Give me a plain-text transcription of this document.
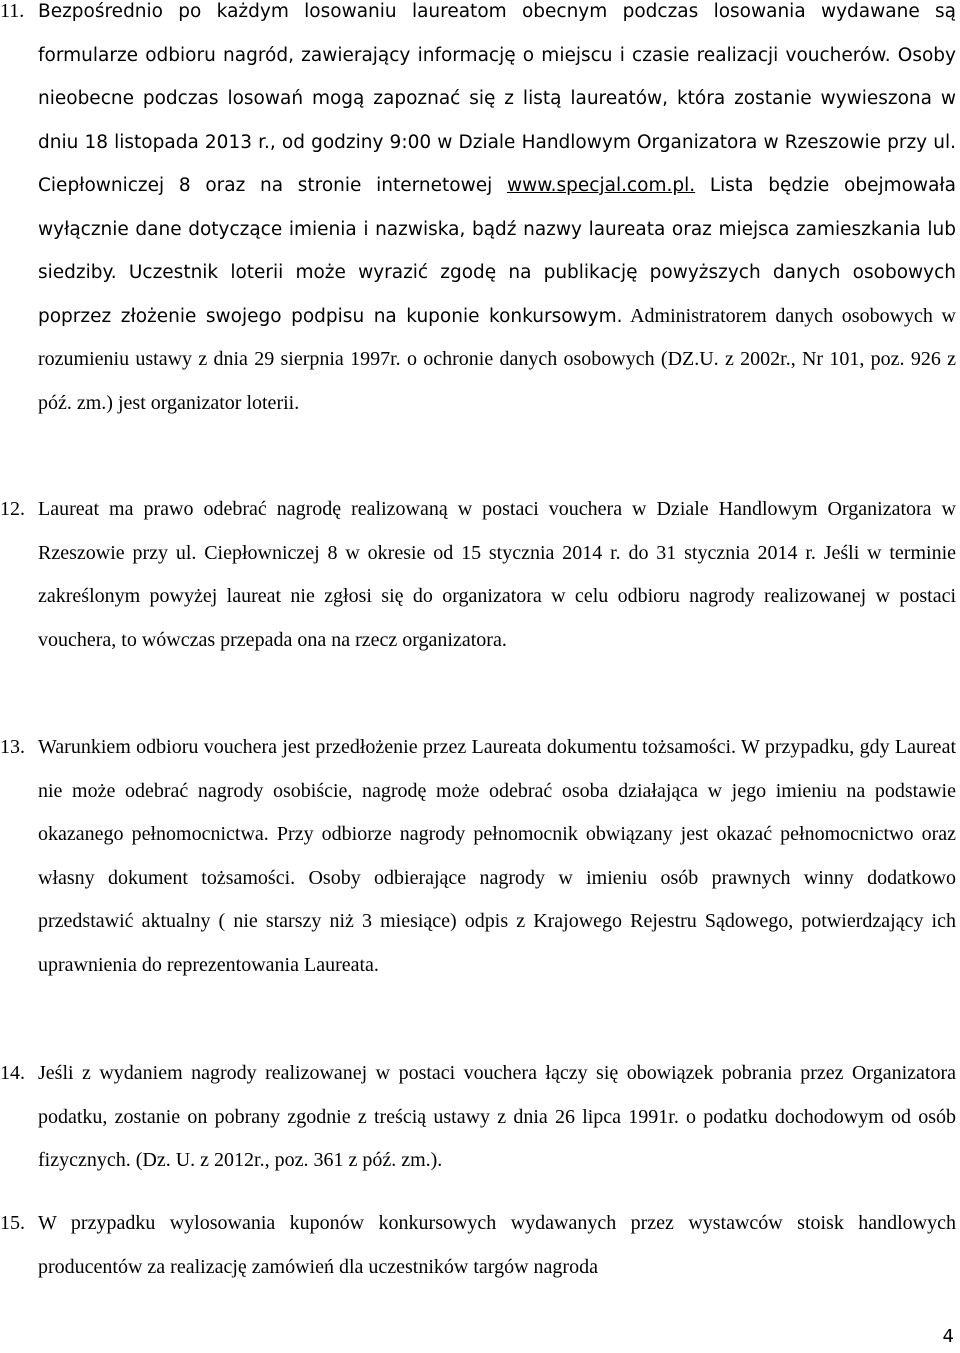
11. Bezpośrednio po każdym losowaniu laureatom obecnym podczas losowania wydawane są formularze odbioru nagród, zawierający informację o miejscu i czasie realizacji voucherów. Osoby nieobecne podczas losowań mogą zapoznać się z listą laureatów, która zostanie wywieszona w dniu 18 listopada 2013 r., od godziny 9:00 w Dziale Handlowym Organizatora w Rzeszowie przy ul. Ciepłowniczej 8 oraz na stronie internetowej www.specjal.com.pl. Lista będzie obejmowała wyłącznie dane dotyczące imienia i nazwiska, bądź nazwy laureata oraz miejsca zamieszkania lub siedziby. Uczestnik loterii może wyrazić zgodę na publikację powyższych danych osobowych poprzez złożenie swojego podpisu na kuponie konkursowym. Administratorem danych osobowych w rozumieniu ustawy z dnia 29 sierpnia 1997r. o ochronie danych osobowych (DZ.U. z 2002r., Nr 101, poz. 926 z póź. zm.) jest organizator loterii.
12. Laureat ma prawo odebrać nagrodę realizowaną w postaci vouchera w Dziale Handlowym Organizatora w Rzeszowie przy ul. Ciepłowniczej 8 w okresie od 15 stycznia 2014 r. do 31 stycznia 2014 r. Jeśli w terminie zakreślonym powyżej laureat nie zgłosi się do organizatora w celu odbioru nagrody realizowanej w postaci vouchera, to wówczas przepada ona na rzecz organizatora.
13. Warunkiem odbioru vouchera jest przedłożenie przez Laureata dokumentu tożsamości. W przypadku, gdy Laureat nie może odebrać nagrody osobiście, nagrodę może odebrać osoba działająca w jego imieniu na podstawie okazanego pełnomocnictwa. Przy odbiorze nagrody pełnomocnik obwiązany jest okazać pełnomocnictwo oraz własny dokument tożsamości. Osoby odbierające nagrody w imieniu osób prawnych winny dodatkowo przedstawić aktualny ( nie starszy niż 3 miesiące) odpis z Krajowego Rejestru Sądowego, potwierdzający ich uprawnienia do reprezentowania Laureata.
14. Jeśli z wydaniem nagrody realizowanej w postaci vouchera łączy się obowiązek pobrania przez Organizatora podatku, zostanie on pobrany zgodnie z treścią ustawy z dnia 26 lipca 1991r. o podatku dochodowym od osób fizycznych. (Dz. U. z 2012r., poz. 361 z póź. zm.).
15. W przypadku wylosowania kuponów konkursowych wydawanych przez wystawców stoisk handlowych producentów za realizację zamówień dla uczestników targów nagroda
4
